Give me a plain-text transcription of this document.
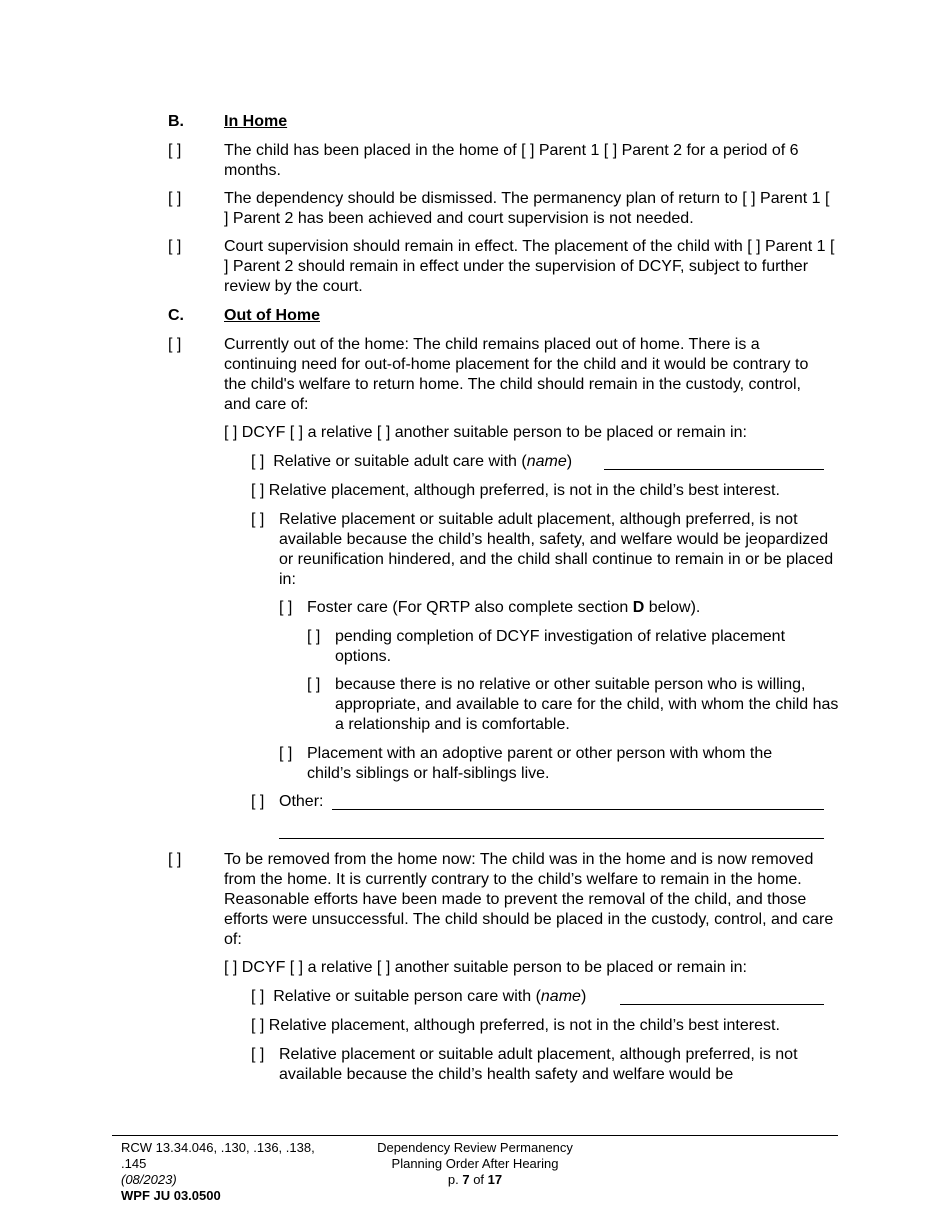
B.	In Home
[ ]	The child has been placed in the home of [ ] Parent 1 [ ] Parent 2 for a period of 6 months.
[ ]	The dependency should be dismissed. The permanency plan of return to [ ] Parent 1 [ ] Parent 2 has been achieved and court supervision is not needed.
[ ]	Court supervision should remain in effect. The placement of the child with [ ] Parent 1 [ ] Parent 2 should remain in effect under the supervision of DCYF, subject to further review by the court.
C.	Out of Home
[ ]	Currently out of the home: The child remains placed out of home. There is a continuing need for out-of-home placement for the child and it would be contrary to the child's welfare to return home. The child should remain in the custody, control, and care of:
[ ] DCYF [ ] a relative [ ] another suitable person to be placed or remain in:
[ ]  Relative or suitable adult care with (name)
[ ] Relative placement, although preferred, is not in the child’s best interest.
[ ] Relative placement or suitable adult placement, although preferred, is not available because the child’s health, safety, and welfare would be jeopardized or reunification hindered, and the child shall continue to remain in or be placed in:
[ ] Foster care (For QRTP also complete section D below).
[ ] pending completion of DCYF investigation of relative placement options.
[ ] because there is no relative or other suitable person who is willing, appropriate, and available to care for the child, with whom the child has a relationship and is comfortable.
[ ] Placement with an adoptive parent or other person with whom the child’s siblings or half-siblings live.
[ ] Other:
[ ]	To be removed from the home now: The child was in the home and is now removed from the home. It is currently contrary to the child’s welfare to remain in the home. Reasonable efforts have been made to prevent the removal of the child, and those efforts were unsuccessful. The child should be placed in the custody, control, and care of:
[ ] DCYF [ ] a relative [ ] another suitable person to be placed or remain in:
[ ]  Relative or suitable person care with (name)
[ ] Relative placement, although preferred, is not in the child’s best interest.
[ ] Relative placement or suitable adult placement, although preferred, is not available because the child’s health safety and welfare would be
RCW 13.34.046, .130, .136, .138,
.145
(08/2023)
WPF JU 03.0500
Dependency Review Permanency
Planning Order After Hearing
p. 7 of 17
